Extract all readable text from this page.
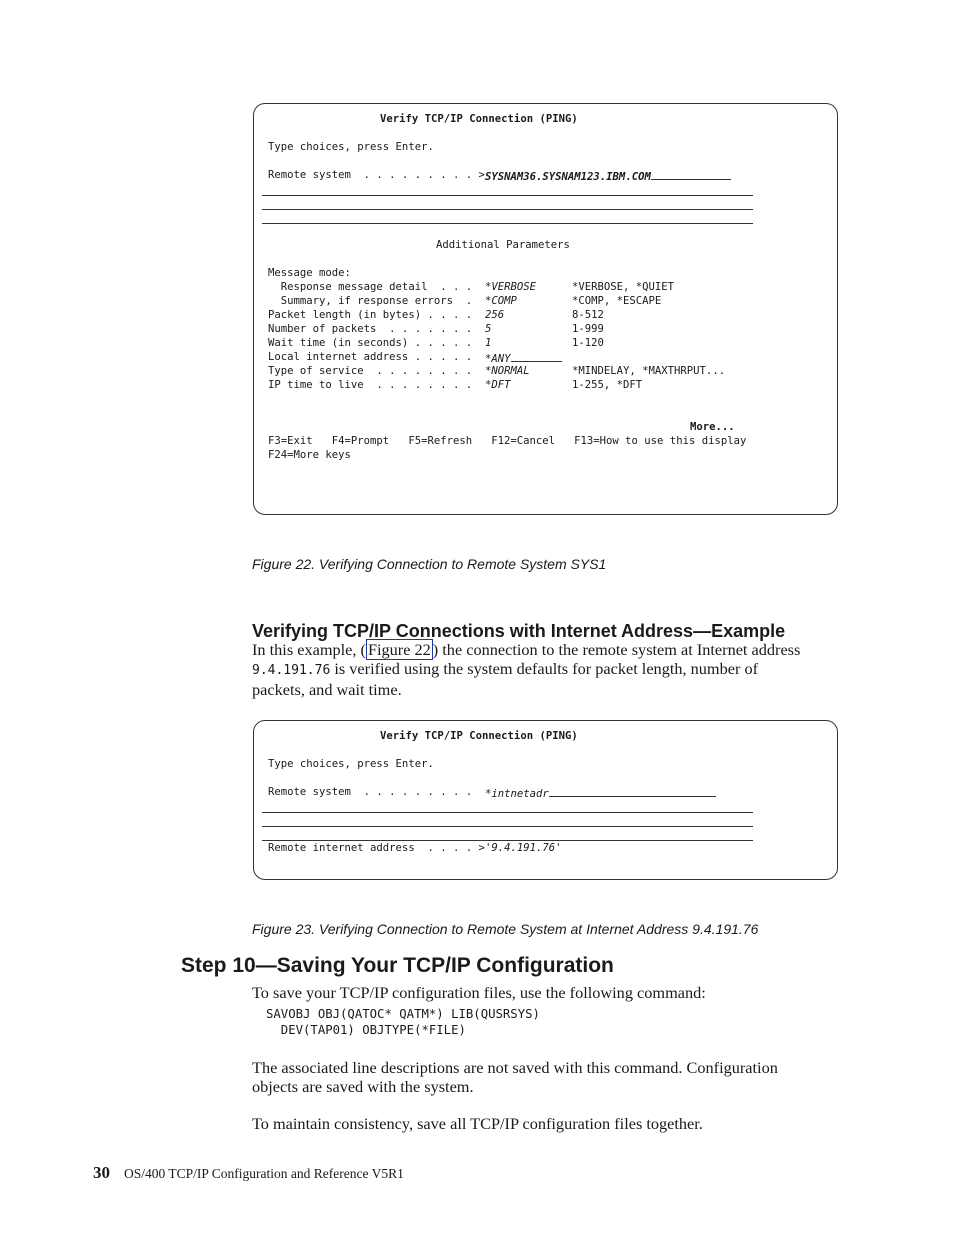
Verify TCP/IP Connection (PING)
Type choices, press Enter.
Remote system  . . . . . . . . . > SYSNAM36.SYSNAM123.IBM.COM
Additional Parameters
Message mode:
Response message detail  . . . *VERBOSE	*VERBOSE, *QUIET
Summary, if response errors  . *COMP	*COMP, *ESCAPE
Packet length (in bytes) . . . . 256	8-512
Number of packets  . . . . . . . 5	1-999
Wait time (in seconds) . . . . . 1	1-120
Local internet address . . . . . *ANY
Type of service  . . . . . . . . *NORMAL	*MINDELAY, *MAXTHRPUT...
IP time to live  . . . . . . . . *DFT	1-255, *DFT
More...
F3=Exit   F4=Prompt   F5=Refresh   F12=Cancel   F13=How to use this display
F24=More keys
Figure 22. Verifying Connection to Remote System SYS1
Verifying TCP/IP Connections with Internet Address—Example
In this example, ( Figure 22 ) the connection to the remote system at Internet address
9.4.191.76 is verified using the system defaults for packet length, number of
packets, and wait time.
Verify TCP/IP Connection (PING)
Type choices, press Enter.
Remote system  . . . . . . . . . *intnetadr
Remote internet address  . . . . > '9.4.191.76'
Figure 23. Verifying Connection to Remote System at Internet Address 9.4.191.76
Step 10—Saving Your TCP/IP Configuration
To save your TCP/IP configuration files, use the following command:
SAVOBJ OBJ(QATOC* QATM*) LIB(QUSRSYS)
DEV(TAP01) OBJTYPE(*FILE)
The associated line descriptions are not saved with this command. Configuration
objects are saved with the system.
To maintain consistency, save all TCP/IP configuration files together.
30 OS/400 TCP/IP Configuration and Reference V5R1
